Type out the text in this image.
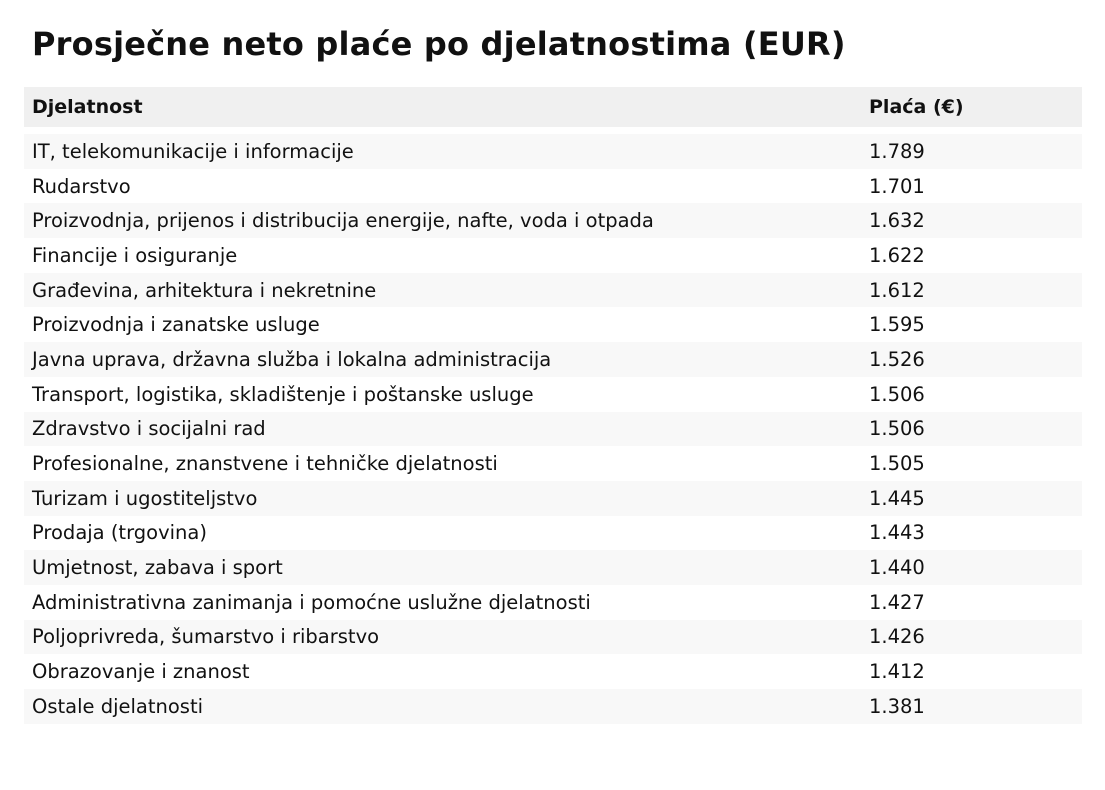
Prosječne neto plaće po djelatnostima (EUR)
Djelatnost	Plaća (€)
IT, telekomunikacije i informacije	1.789
Rudarstvo	1.701
Proizvodnja, prijenos i distribucija energije, nafte, voda i otpada	1.632
Financije i osiguranje	1.622
Građevina, arhitektura i nekretnine	1.612
Proizvodnja i zanatske usluge	1.595
Javna uprava, državna služba i lokalna administracija	1.526
Transport, logistika, skladištenje i poštanske usluge	1.506
Zdravstvo i socijalni rad	1.506
Profesionalne, znanstvene i tehničke djelatnosti	1.505
Turizam i ugostiteljstvo	1.445
Prodaja (trgovina)	1.443
Umjetnost, zabava i sport	1.440
Administrativna zanimanja i pomoćne uslužne djelatnosti	1.427
Poljoprivreda, šumarstvo i ribarstvo	1.426
Obrazovanje i znanost	1.412
Ostale djelatnosti	1.381
